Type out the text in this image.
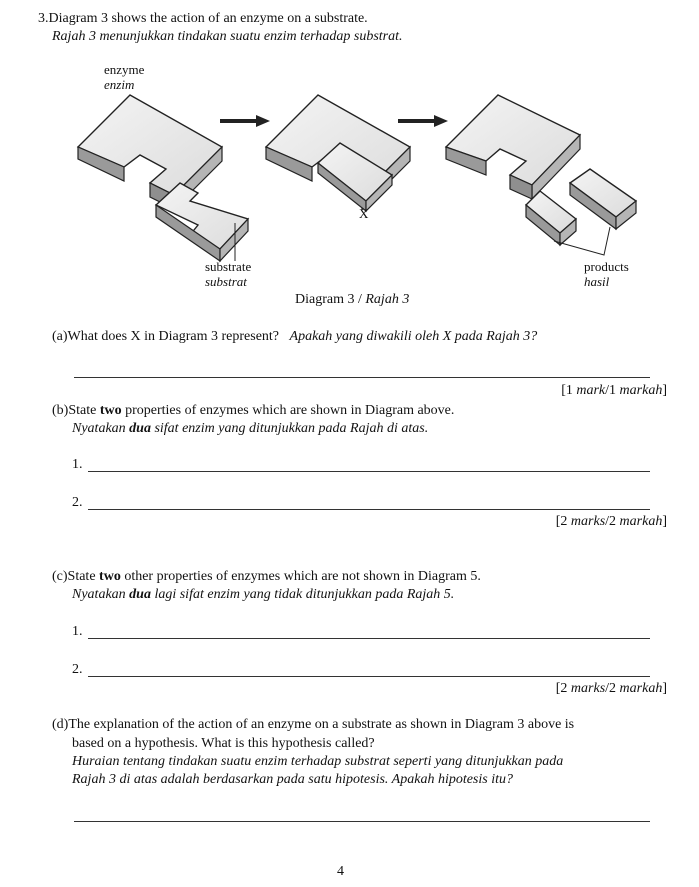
3.Diagram 3 shows the action of an enzyme on a substrate.
Rajah 3 menunjukkan tindakan suatu enzim terhadap substrat.
enzyme
enzim
X
substrate
substrat
products
hasil
Diagram 3 / Rajah 3
(a)What does X in Diagram 3 represent? Apakah yang diwakili oleh X pada Rajah 3?
[1 mark/1 markah]
(b)State two properties of enzymes which are shown in Diagram above.
Nyatakan dua sifat enzim yang ditunjukkan pada Rajah di atas.
1.
2.
[2 marks/2 markah]
(c)State two other properties of enzymes which are not shown in Diagram 5.
Nyatakan dua lagi sifat enzim yang tidak ditunjukkan pada Rajah 5.
1.
2.
[2 marks/2 markah]
(d)The explanation of the action of an enzyme on a substrate as shown in Diagram 3 above is
based on a hypothesis. What is this hypothesis called?
Huraian tentang tindakan suatu enzim terhadap substrat seperti yang ditunjukkan pada
Rajah 3 di atas adalah berdasarkan pada satu hipotesis. Apakah hipotesis itu?
4
